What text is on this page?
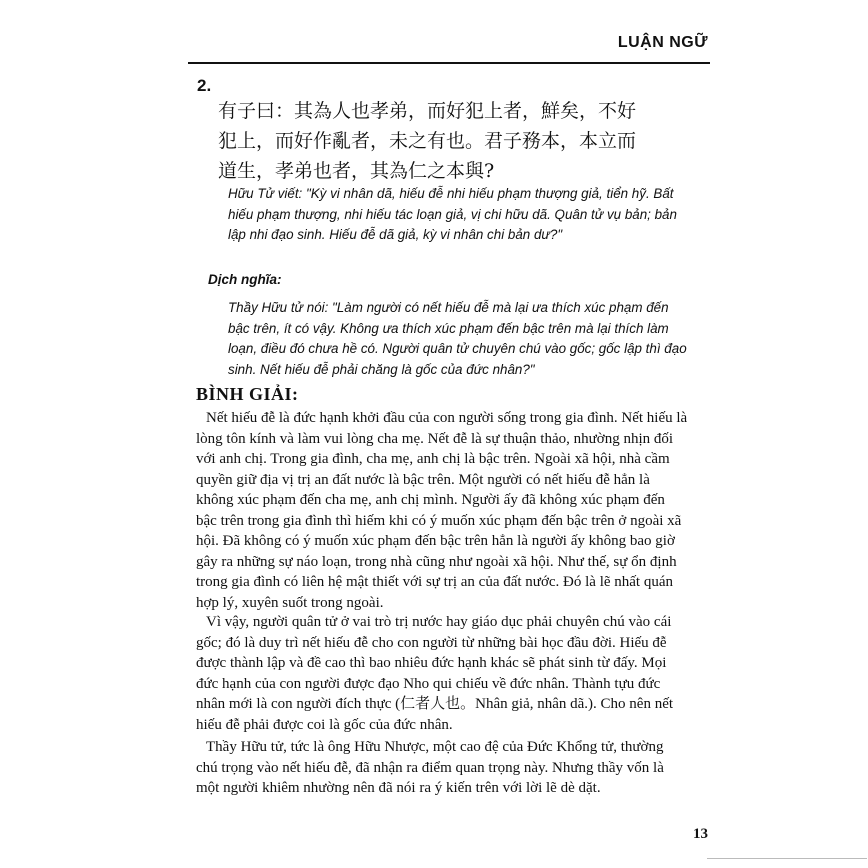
LUẬN NGỮ
2.
有子曰：其為人也孝弟，而好犯上者，鮮矣，不好
犯上，而好作亂者，未之有也。君子務本，本立而
道生，孝弟也者，其為仁之本與?
Hữu Tử viết: "Kỳ vi nhân dã, hiếu đễ nhi hiếu phạm thượng giả, tiển hỹ. Bất hiếu phạm thượng, nhi hiếu tác loạn giả, vị chi hữu dã. Quân tử vụ bản; bản lập nhi đạo sinh. Hiếu đễ dã giả, kỳ vi nhân chi bản dư?"
Dịch nghĩa:
Thầy Hữu tử nói: "Làm người có nết hiếu đễ mà lại ưa thích xúc phạm đến bậc trên, ít có vậy. Không ưa thích xúc phạm đến bậc trên mà lại thích làm loạn, điều đó chưa hề có. Người quân tử chuyên chú vào gốc; gốc lập thì đạo sinh. Nết hiếu đễ phải chăng là gốc của đức nhân?"
BÌNH GIẢI:

Nết hiếu đễ là đức hạnh khởi đầu của con người sống trong gia đình. Nết hiếu là lòng tôn kính và làm vui lòng cha mẹ. Nết đễ là sự thuận thảo, nhường nhịn đối với anh chị. Trong gia đình, cha mẹ, anh chị là bậc trên. Ngoài xã hội, nhà cầm quyền giữ địa vị trị an đất nước là bậc trên. Một người có nết hiếu đễ hẳn là không xúc phạm đến cha mẹ, anh chị mình. Người ấy đã không xúc phạm đến bậc trên trong gia đình thì hiếm khi có ý muốn xúc phạm đến bậc trên ở ngoài xã hội. Đã không có ý muốn xúc phạm đến bậc trên hẳn là người ấy không bao giờ gây ra những sự náo loạn, trong nhà cũng như ngoài xã hội. Như thế, sự ổn định trong gia đình có liên hệ mật thiết với sự trị an của đất nước. Đó là lẽ nhất quán hợp lý, xuyên suốt trong ngoài.

Vì vậy, người quân tử ở vai trò trị nước hay giáo dục phải chuyên chú vào cái gốc; đó là duy trì nết hiếu đễ cho con người từ những bài học đầu đời. Hiếu đễ được thành lập và đề cao thì bao nhiêu đức hạnh khác sẽ phát sinh từ đấy. Mọi đức hạnh của con người được đạo Nho qui chiếu về đức nhân. Thành tựu đức nhân mới là con người đích thực (仁者人也。Nhân giả, nhân dã.). Cho nên nết hiếu đễ phải được coi là gốc của đức nhân.

Thầy Hữu tử, tức là ông Hữu Nhược, một cao đệ của Đức Khổng tử, thường chú trọng vào nết hiếu đễ, đã nhận ra điểm quan trọng này. Nhưng thầy vốn là một người khiêm nhường nên đã nói ra ý kiến trên với lời lẽ dè dặt.

13
